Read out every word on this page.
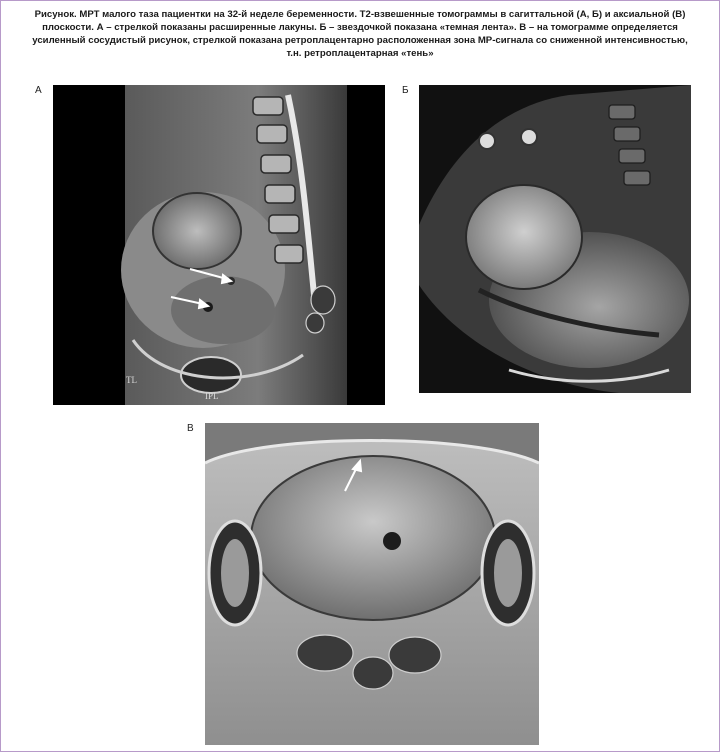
Рисунок. МРТ малого таза пациентки на 32-й неделе беременности. Т2-взвешенные томограммы в сагиттальной (А, Б) и аксиальной (В)
плоскости. А – стрелкой показаны расширенные лакуны. Б – звездочкой показана «темная лента». В – на томограмме определяется
усиленный сосудистый рисунок, стрелкой показана ретроплацентарно расположенная зона МР-сигнала со сниженной интенсивностью,
т.н. ретроплацентарная «тень»
А
TL
IPL
Б
В
